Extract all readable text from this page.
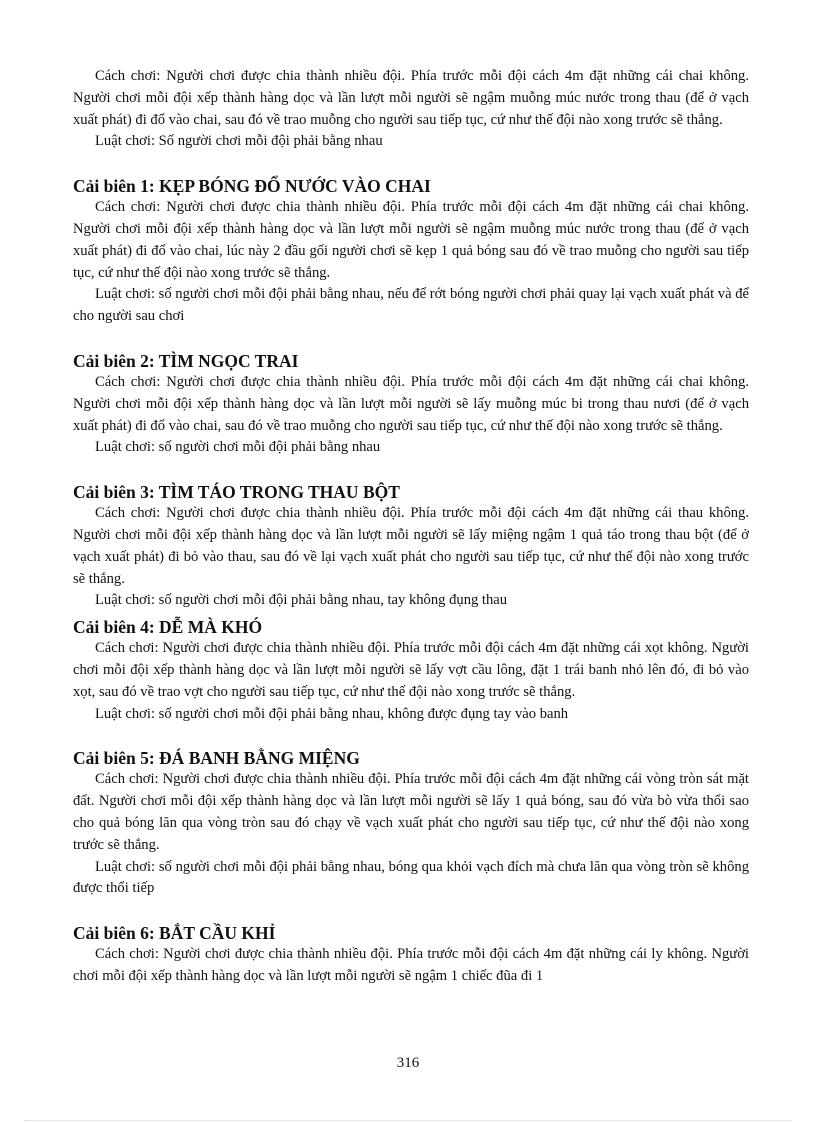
Cách chơi: Người chơi được chia thành nhiều đội. Phía trước mỗi đội cách 4m đặt những cái chai không. Người chơi mỗi đội xếp thành hàng dọc và lần lượt mỗi người sẽ ngậm muỗng múc nước trong thau (để ở vạch xuất phát) đi đổ vào chai, sau đó về trao muỗng cho người sau tiếp tục, cứ như thế đội nào xong trước sẽ thắng.

Luật chơi: Số người chơi mỗi đội phải bằng nhau

Cải biên 1: KẸP BÓNG ĐỔ NƯỚC VÀO CHAI

Cách chơi: Người chơi được chia thành nhiều đội. Phía trước mỗi đội cách 4m đặt những cái chai không. Người chơi mỗi đội xếp thành hàng dọc và lần lượt mỗi người sẽ ngậm muỗng múc nước trong thau (để ở vạch xuất phát) đi đổ vào chai, lúc này 2 đầu gối người chơi sẽ kẹp 1 quả bóng sau đó về trao muỗng cho người sau tiếp tục, cứ như thế đội nào xong trước sẽ thắng.

Luật chơi: số người chơi mỗi đội phải bằng nhau, nếu để rớt bóng người chơi phải quay lại vạch xuất phát và để cho người sau chơi

Cải biên 2: TÌM NGỌC TRAI

Cách chơi: Người chơi được chia thành nhiều đội. Phía trước mỗi đội cách 4m đặt những cái chai không. Người chơi mỗi đội xếp thành hàng dọc và lần lượt mỗi người sẽ lấy muỗng múc bi trong thau nươi (để ở vạch xuất phát) đi đổ vào chai, sau đó về trao muỗng cho người sau tiếp tục, cứ như thế đội nào xong trước sẽ thắng.

Luật chơi: số người chơi mỗi đội phải bằng nhau

Cải biên 3: TÌM TÁO TRONG THAU BỘT

Cách chơi: Người chơi được chia thành nhiều đội. Phía trước mỗi đội cách 4m đặt những cái thau không. Người chơi mỗi đội xếp thành hàng dọc và lần lượt mỗi người sẽ lấy miệng ngậm 1 quả táo trong thau bột (để ở vạch xuất phát) đi bỏ vào thau, sau đó về lại vạch xuất phát cho người sau tiếp tục, cứ như thế đội nào xong trước sẽ thắng.

Luật chơi: số người chơi mỗi đội phải bằng nhau, tay không đụng thau

Cải biên 4: DỄ MÀ KHÓ

Cách chơi: Người chơi được chia thành nhiều đội. Phía trước mỗi đội cách 4m đặt những cái xọt không. Người chơi mỗi đội xếp thành hàng dọc và lần lượt mỗi người sẽ lấy vợt cầu lông, đặt 1 trái banh nhỏ lên đó, đi bỏ vào xọt, sau đó về trao vợt cho người sau tiếp tục, cứ như thế đội nào xong trước sẽ thắng.

Luật chơi: số người chơi mỗi đội phải bằng nhau, không được đụng tay vào banh

Cải biên 5: ĐÁ BANH BẰNG MIỆNG

Cách chơi: Người chơi được chia thành nhiều đội. Phía trước mỗi đội cách 4m đặt những cái vòng tròn sát mặt đất. Người chơi mỗi đội xếp thành hàng dọc và lần lượt mỗi người sẽ lấy 1 quả bóng, sau đó vừa bò vừa thổi sao cho quả bóng lăn qua vòng tròn sau đó chạy về vạch xuất phát cho người sau tiếp tục, cứ như thế đội nào xong trước sẽ thắng.

Luật chơi: số người chơi mỗi đội phải bằng nhau, bóng qua khỏi vạch đích mà chưa lăn qua vòng tròn sẽ không được thổi tiếp

Cải biên 6: BẮT CẦU KHỈ

Cách chơi: Người chơi được chia thành nhiều đội. Phía trước mỗi đội cách 4m đặt những cái ly không. Người chơi mỗi đội xếp thành hàng dọc và lần lượt mỗi người sẽ ngậm 1 chiếc đũa đi 1

316
